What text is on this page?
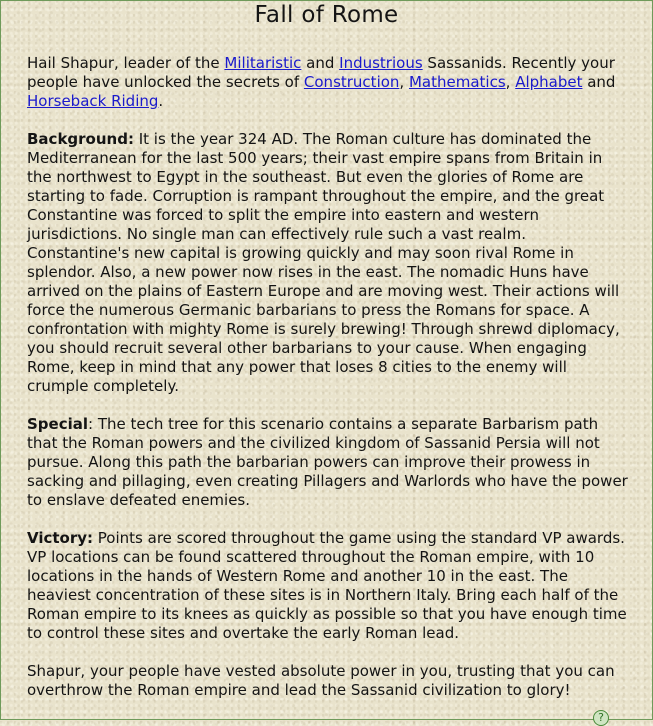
Fall of Rome

Hail Shapur, leader of the Militaristic and Industrious Sassanids. Recently your people have unlocked the secrets of Construction, Mathematics, Alphabet and Horseback Riding.

Background: It is the year 324 AD. The Roman culture has dominated the Mediterranean for the last 500 years; their vast empire spans from Britain in the northwest to Egypt in the southeast. But even the glories of Rome are starting to fade. Corruption is rampant throughout the empire, and the great Constantine was forced to split the empire into eastern and western jurisdictions. No single man can effectively rule such a vast realm. Constantine's new capital is growing quickly and may soon rival Rome in splendor. Also, a new power now rises in the east. The nomadic Huns have arrived on the plains of Eastern Europe and are moving west. Their actions will force the numerous Germanic barbarians to press the Romans for space. A confrontation with mighty Rome is surely brewing! Through shrewd diplomacy, you should recruit several other barbarians to your cause. When engaging Rome, keep in mind that any power that loses 8 cities to the enemy will crumple completely.

Special: The tech tree for this scenario contains a separate Barbarism path that the Roman powers and the civilized kingdom of Sassanid Persia will not pursue. Along this path the barbarian powers can improve their prowess in sacking and pillaging, even creating Pillagers and Warlords who have the power to enslave defeated enemies.

Victory: Points are scored throughout the game using the standard VP awards. VP locations can be found scattered throughout the Roman empire, with 10 locations in the hands of Western Rome and another 10 in the east. The heaviest concentration of these sites is in Northern Italy. Bring each half of the Roman empire to its knees as quickly as possible so that you have enough time to control these sites and overtake the early Roman lead.

Shapur, your people have vested absolute power in you, trusting that you can overthrow the Roman empire and lead the Sassanid civilization to glory!

?
